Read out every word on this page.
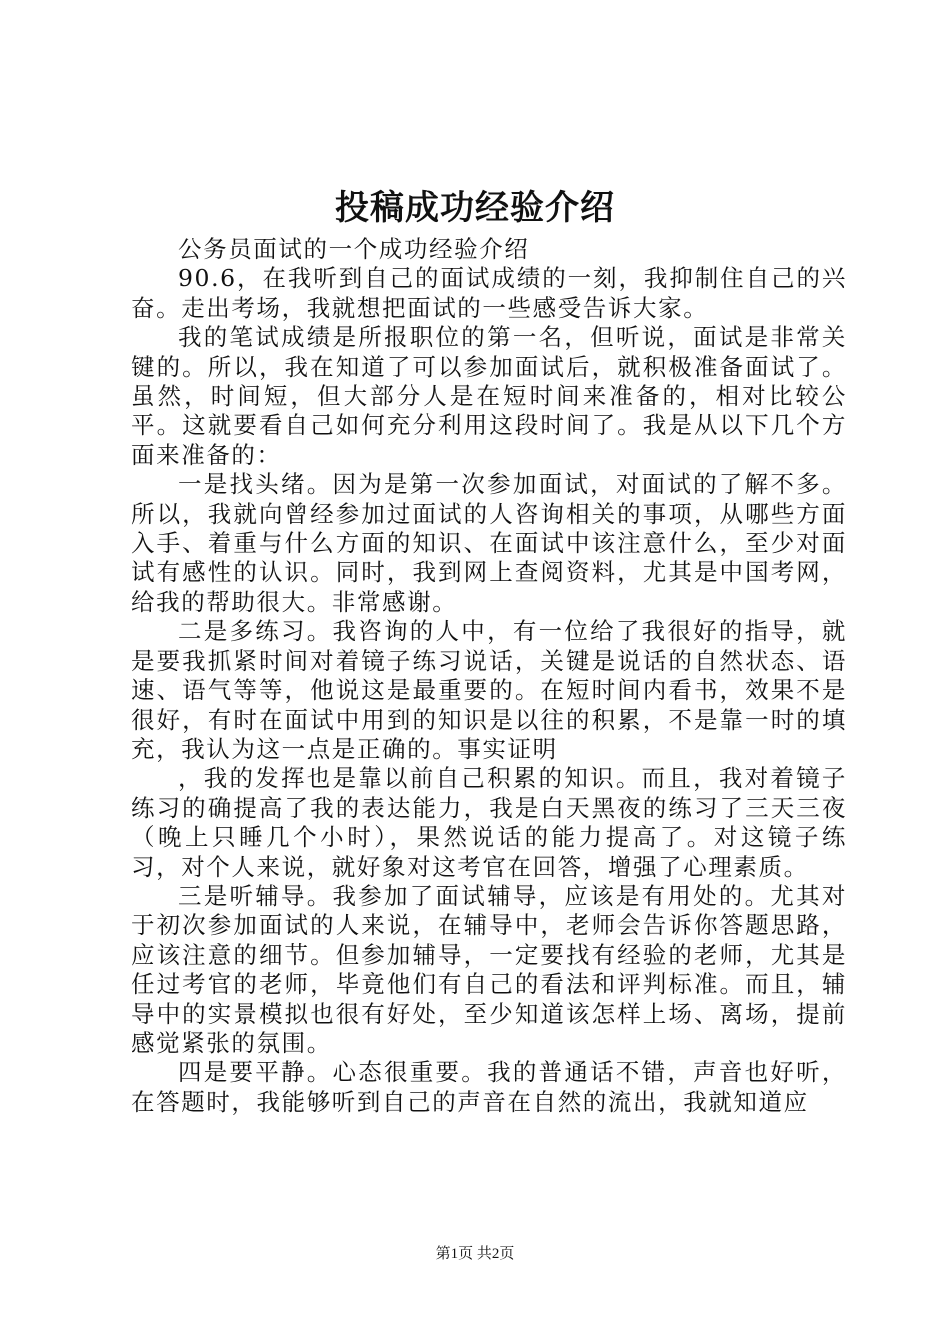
投稿成功经验介绍

公务员面试的一个成功经验介绍

90.6，在我听到自己的面试成绩的一刻，我抑制住自己的兴奋。走出考场，我就想把面试的一些感受告诉大家。

我的笔试成绩是所报职位的第一名，但听说，面试是非常关键的。所以，我在知道了可以参加面试后，就积极准备面试了。虽然，时间短，但大部分人是在短时间来准备的，相对比较公平。这就要看自己如何充分利用这段时间了。我是从以下几个方面来准备的：

一是找头绪。因为是第一次参加面试，对面试的了解不多。所以，我就向曾经参加过面试的人咨询相关的事项，从哪些方面入手、着重与什么方面的知识、在面试中该注意什么，至少对面试有感性的认识。同时，我到网上查阅资料，尤其是中国考网，给我的帮助很大。非常感谢。

二是多练习。我咨询的人中，有一位给了我很好的指导，就是要我抓紧时间对着镜子练习说话，关键是说话的自然状态、语速、语气等等，他说这是最重要的。在短时间内看书，效果不是很好，有时在面试中用到的知识是以往的积累，不是靠一时的填充，我认为这一点是正确的。事实证明

，我的发挥也是靠以前自己积累的知识。而且，我对着镜子练习的确提高了我的表达能力，我是白天黑夜的练习了三天三夜（晚上只睡几个小时），果然说话的能力提高了。对这镜子练习，对个人来说，就好象对这考官在回答，增强了心理素质。

三是听辅导。我参加了面试辅导，应该是有用处的。尤其对于初次参加面试的人来说，在辅导中，老师会告诉你答题思路，应该注意的细节。但参加辅导，一定要找有经验的老师，尤其是任过考官的老师，毕竟他们有自己的看法和评判标准。而且，辅导中的实景模拟也很有好处，至少知道该怎样上场、离场，提前感觉紧张的氛围。

四是要平静。心态很重要。我的普通话不错，声音也好听，在答题时，我能够听到自己的声音在自然的流出，我就知道应

第1页 共2页
